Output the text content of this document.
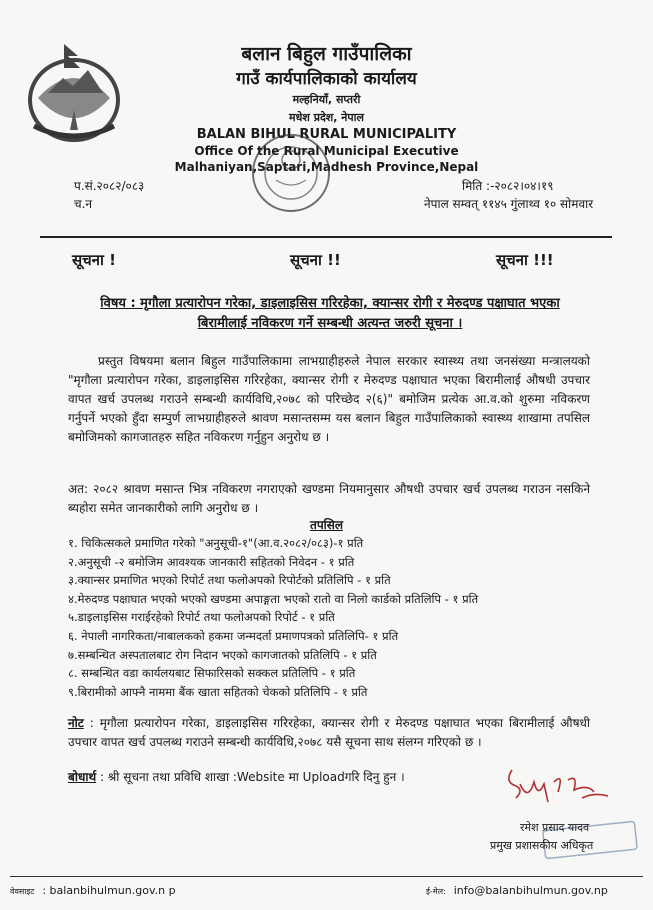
बलान बिहुल गाउँपालिका
गाउँ कार्यपालिकाको कार्यालय
मल्हनियाँ, सप्तरी
मधेश प्रदेश, नेपाल
BALAN BIHUL RURAL MUNICIPALITY
Office Of the Rural Municipal Executive
Malhaniyan,Saptari,Madhesh Province,Nepal
प.सं.२०८२/०८३
च.न
मिति :-२०८२।०४।१९
नेपाल सम्वत् ११४५ गुंलाथ्व १० सोमवार
सूचना !	सूचना !!	सूचना !!!
विषय : मृगौला प्रत्यारोपन गरेका, डाइलाइसिस गरिरहेका, क्यान्सर रोगी र मेरुदण्ड पक्षाघात भएका बिरामीलाई नविकरण गर्ने सम्बन्धी अत्यन्त जरुरी सूचना ।
प्रस्तुत विषयमा बलान बिहुल गाउँपालिकामा लाभग्राहीहरुले नेपाल सरकार स्वास्थ्य तथा जनसंख्या मन्त्रालयको "मृगौला प्रत्यारोपन गरेका, डाइलाइसिस गरिरहेका, क्यान्सर रोगी र मेरुदण्ड पक्षाघात भएका बिरामीलाई औषधी उपचार वापत खर्च उपलब्ध गराउने सम्बन्धी कार्यविधि,२०७८ को परिच्छेद २(६)" बमोजिम प्रत्येक आ.व.को शुरुमा नविकरण गर्नुपर्ने भएको हुँदा सम्पुर्ण लाभग्राहीहरुले श्रावण मसान्तसम्म यस बलान बिहुल गाउँपालिकाको स्वास्थ्य शाखामा तपसिल बमोजिमको कागजातहरु सहित नविकरण गर्नुहुन अनुरोध छ ।
अत: २०८२ श्रावण मसान्त भित्र नविकरण नगराएको खण्डमा नियमानुसार औषधी उपचार खर्च उपलब्ध गराउन नसकिने ब्यहोरा समेत जानकारीको लागि अनुरोध छ ।
तपसिल
१. चिकित्सकले प्रमाणित गरेको "अनुसूची-१"(आ.व.२०८२/०८३)-१ प्रति
२.अनुसूची -२ बमोजिम आवश्यक जानकारी सहितको निवेदन - १ प्रति
३.क्यान्सर प्रमाणित भएको रिपोर्ट तथा फलोअपको रिपोर्टको प्रतिलिपि - १ प्रति
४.मेरुदण्ड पक्षाघात भएको भएको खण्डमा अपाङ्गता भएको रातो वा निलो कार्डको प्रतिलिपि - १ प्रति
५.डाइलाइसिस गराईरहेको रिपोर्ट तथा फलोअपको रिपोर्ट - १ प्रति
६. नेपाली नागरिकता/नाबालकको हकमा जन्मदर्ता प्रमाणपत्रको प्रतिलिपि- १ प्रति
७.सम्बन्धित अस्पतालबाट रोग निदान भएको कागजातको प्रतिलिपि - १ प्रति
८. सम्बन्धित वडा कार्यलयबाट सिफारिसको सक्कल प्रतिलिपि - १ प्रति
९.बिरामीको आफ्नै नाममा बैंक खाता सहितको चेकको प्रतिलिपि - १ प्रति
नोट : मृगौला प्रत्यारोपन गरेका, डाइलाइसिस गरिरहेका, क्यान्सर रोगी र मेरुदण्ड पक्षाघात भएका बिरामीलाई औषधी उपचार वापत खर्च उपलब्ध गराउने सम्बन्धी कार्यविधि,२०७८ यसै सूचना साथ संलग्न गरिएको छ ।
बोधार्थ : श्री सूचना तथा प्रविधि शाखा :Website मा Uploadगरि दिनु हुन ।
रमेश प्रसाद यादव
प्रमुख प्रशासकीय अधिकृत
वेवसाइट : balanbihulmun.gov.n p	ई-मेल: info@balanbihulmun.gov.np
